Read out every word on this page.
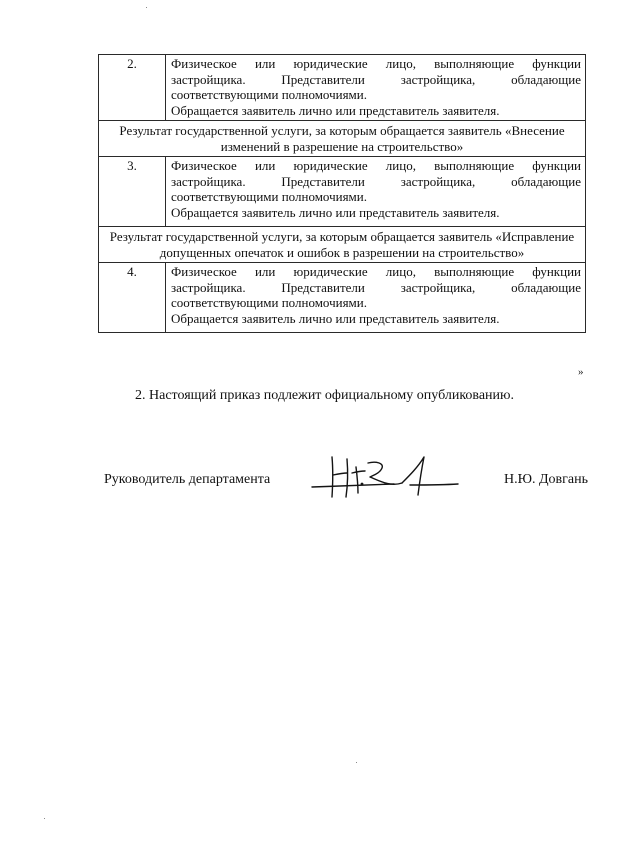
2.	Физическое или юридические лицо, выполняющие функции застройщика. Представители застройщика, обладающие соответствующими полномочиями.
Обращается заявитель лично или представитель заявителя.

Результат государственной услуги, за которым обращается заявитель «Внесение изменений в разрешение на строительство»	
3.	Физическое или юридические лицо, выполняющие функции застройщика. Представители застройщика, обладающие соответствующими полномочиями.
Обращается заявитель лично или представитель заявителя.

Результат государственной услуги, за которым обращается заявитель «Исправление допущенных опечаток и ошибок в разрешении на строительство»	
4.	Физическое или юридические лицо, выполняющие функции застройщика. Представители застройщика, обладающие соответствующими полномочиями.
Обращается заявитель лично или представитель заявителя.
»
2. Настоящий приказ подлежит официальному опубликованию.
Руководитель департамента	Н.Ю. Довгань
